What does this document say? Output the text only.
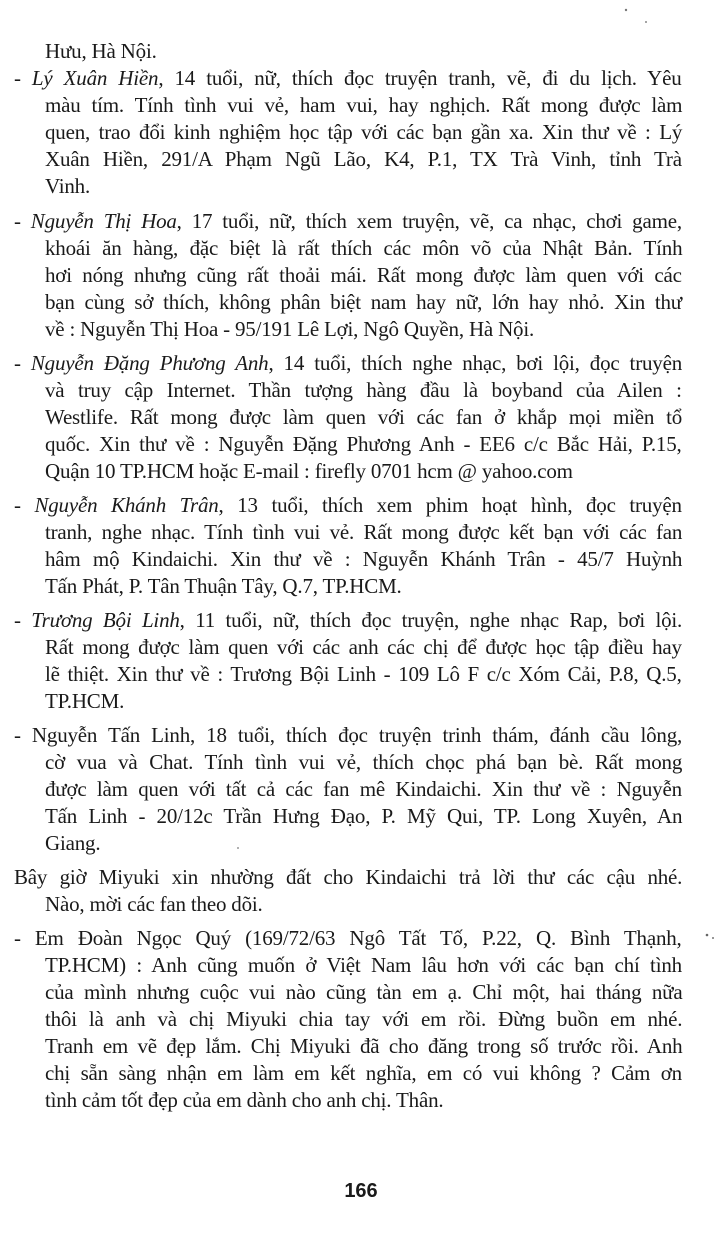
Hưu, Hà Nội.
- Lý Xuân Hiền, 14 tuổi, nữ, thích đọc truyện tranh, vẽ, đi du lịch. Yêu
màu tím. Tính tình vui vẻ, ham vui, hay nghịch. Rất mong được làm
quen, trao đổi kinh nghiệm học tập với các bạn gần xa. Xin thư về : Lý
Xuân Hiền, 291/A Phạm Ngũ Lão, K4, P.1, TX Trà Vinh, tỉnh Trà
Vinh.
- Nguyễn Thị Hoa, 17 tuổi, nữ, thích xem truyện, vẽ, ca nhạc, chơi game,
khoái ăn hàng, đặc biệt là rất thích các môn võ của Nhật Bản. Tính
hơi nóng nhưng cũng rất thoải mái. Rất mong được làm quen với các
bạn cùng sở thích, không phân biệt nam hay nữ, lớn hay nhỏ. Xin thư
về : Nguyễn Thị Hoa - 95/191 Lê Lợi, Ngô Quyền, Hà Nội.
- Nguyễn Đặng Phương Anh, 14 tuổi, thích nghe nhạc, bơi lội, đọc truyện
và truy cập Internet. Thần tượng hàng đầu là boyband của Ailen :
Westlife. Rất mong được làm quen với các fan ở khắp mọi miền tổ
quốc. Xin thư về : Nguyễn Đặng Phương Anh - EE6 c/c Bắc Hải, P.15,
Quận 10 TP.HCM hoặc E-mail : firefly 0701 hcm @ yahoo.com
- Nguyễn Khánh Trân, 13 tuổi, thích xem phim hoạt hình, đọc truyện
tranh, nghe nhạc. Tính tình vui vẻ. Rất mong được kết bạn với các fan
hâm mộ Kindaichi. Xin thư về : Nguyễn Khánh Trân - 45/7 Huỳnh
Tấn Phát, P. Tân Thuận Tây, Q.7, TP.HCM.
- Trương Bội Linh, 11 tuổi, nữ, thích đọc truyện, nghe nhạc Rap, bơi lội.
Rất mong được làm quen với các anh các chị để được học tập điều hay
lẽ thiệt. Xin thư về : Trương Bội Linh - 109 Lô F c/c Xóm Cải, P.8, Q.5,
TP.HCM.
- Nguyễn Tấn Linh, 18 tuổi, thích đọc truyện trinh thám, đánh cầu lông,
cờ vua và Chat. Tính tình vui vẻ, thích chọc phá bạn bè. Rất mong
được làm quen với tất cả các fan mê Kindaichi. Xin thư về : Nguyễn
Tấn Linh - 20/12c Trần Hưng Đạo, P. Mỹ Qui, TP. Long Xuyên, An
Giang.
Bây giờ Miyuki xin nhường đất cho Kindaichi trả lời thư các cậu nhé.
Nào, mời các fan theo dõi.
- Em Đoàn Ngọc Quý (169/72/63 Ngô Tất Tố, P.22, Q. Bình Thạnh,
TP.HCM) : Anh cũng muốn ở Việt Nam lâu hơn với các bạn chí tình
của mình nhưng cuộc vui nào cũng tàn em ạ. Chỉ một, hai tháng nữa
thôi là anh và chị Miyuki chia tay với em rồi. Đừng buồn em nhé.
Tranh em vẽ đẹp lắm. Chị Miyuki đã cho đăng trong số trước rồi. Anh
chị sẵn sàng nhận em làm em kết nghĩa, em có vui không ? Cảm ơn
tình cảm tốt đẹp của em dành cho anh chị. Thân.
166
